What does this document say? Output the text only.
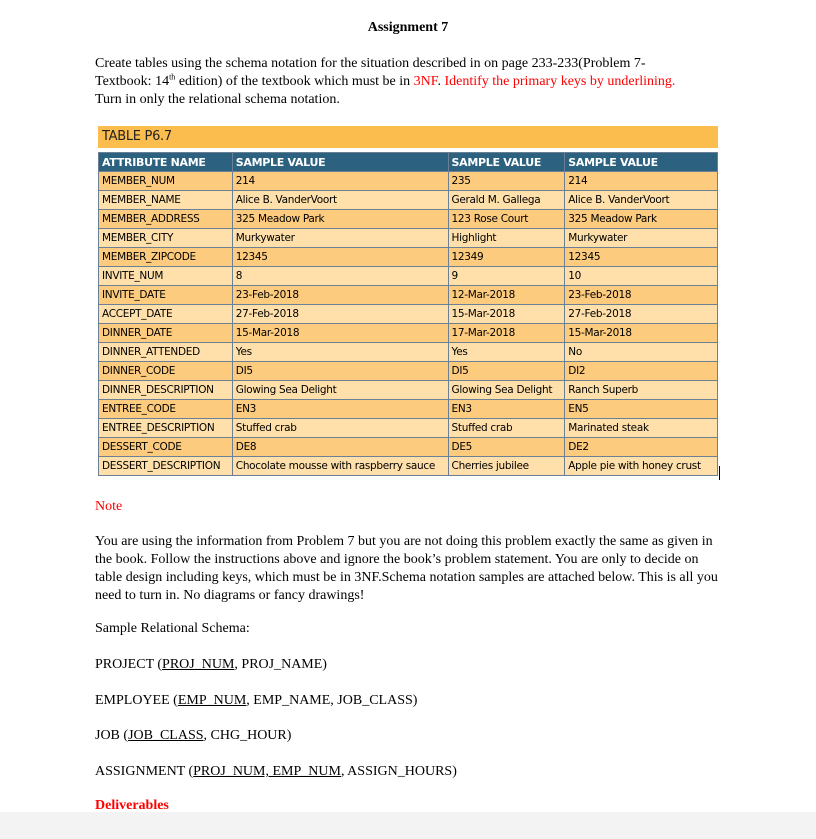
Assignment 7
Create tables using the schema notation for the situation described in on page 233-233(Problem 7- Textbook: 14th edition) of the textbook which must be in 3NF. Identify the primary keys by underlining. Turn in only the relational schema notation.
TABLE P6.7
ATTRIBUTE NAME	SAMPLE VALUE	SAMPLE VALUE	SAMPLE VALUE
MEMBER_NUM	214	235	214
MEMBER_NAME	Alice B. VanderVoort	Gerald M. Gallega	Alice B. VanderVoort
MEMBER_ADDRESS	325 Meadow Park	123 Rose Court	325 Meadow Park
MEMBER_CITY	Murkywater	Highlight	Murkywater
MEMBER_ZIPCODE	12345	12349	12345
INVITE_NUM	8	9	10
INVITE_DATE	23-Feb-2018	12-Mar-2018	23-Feb-2018
ACCEPT_DATE	27-Feb-2018	15-Mar-2018	27-Feb-2018
DINNER_DATE	15-Mar-2018	17-Mar-2018	15-Mar-2018
DINNER_ATTENDED	Yes	Yes	No
DINNER_CODE	DI5	DI5	DI2
DINNER_DESCRIPTION	Glowing Sea Delight	Glowing Sea Delight	Ranch Superb
ENTREE_CODE	EN3	EN3	EN5
ENTREE_DESCRIPTION	Stuffed crab	Stuffed crab	Marinated steak
DESSERT_CODE	DE8	DE5	DE2
DESSERT_DESCRIPTION	Chocolate mousse with raspberry sauce	Cherries jubilee	Apple pie with honey crust
Note
You are using the information from Problem 7 but you are not doing this problem exactly the same as given in the book. Follow the instructions above and ignore the book’s problem statement. You are only to decide on table design including keys, which must be in 3NF.Schema notation samples are attached below. This is all you need to turn in. No diagrams or fancy drawings!
Sample Relational Schema:
PROJECT (PROJ_NUM, PROJ_NAME)
EMPLOYEE (EMP_NUM, EMP_NAME, JOB_CLASS)
JOB (JOB_CLASS, CHG_HOUR)
ASSIGNMENT (PROJ_NUM, EMP_NUM, ASSIGN_HOURS)
Deliverables
